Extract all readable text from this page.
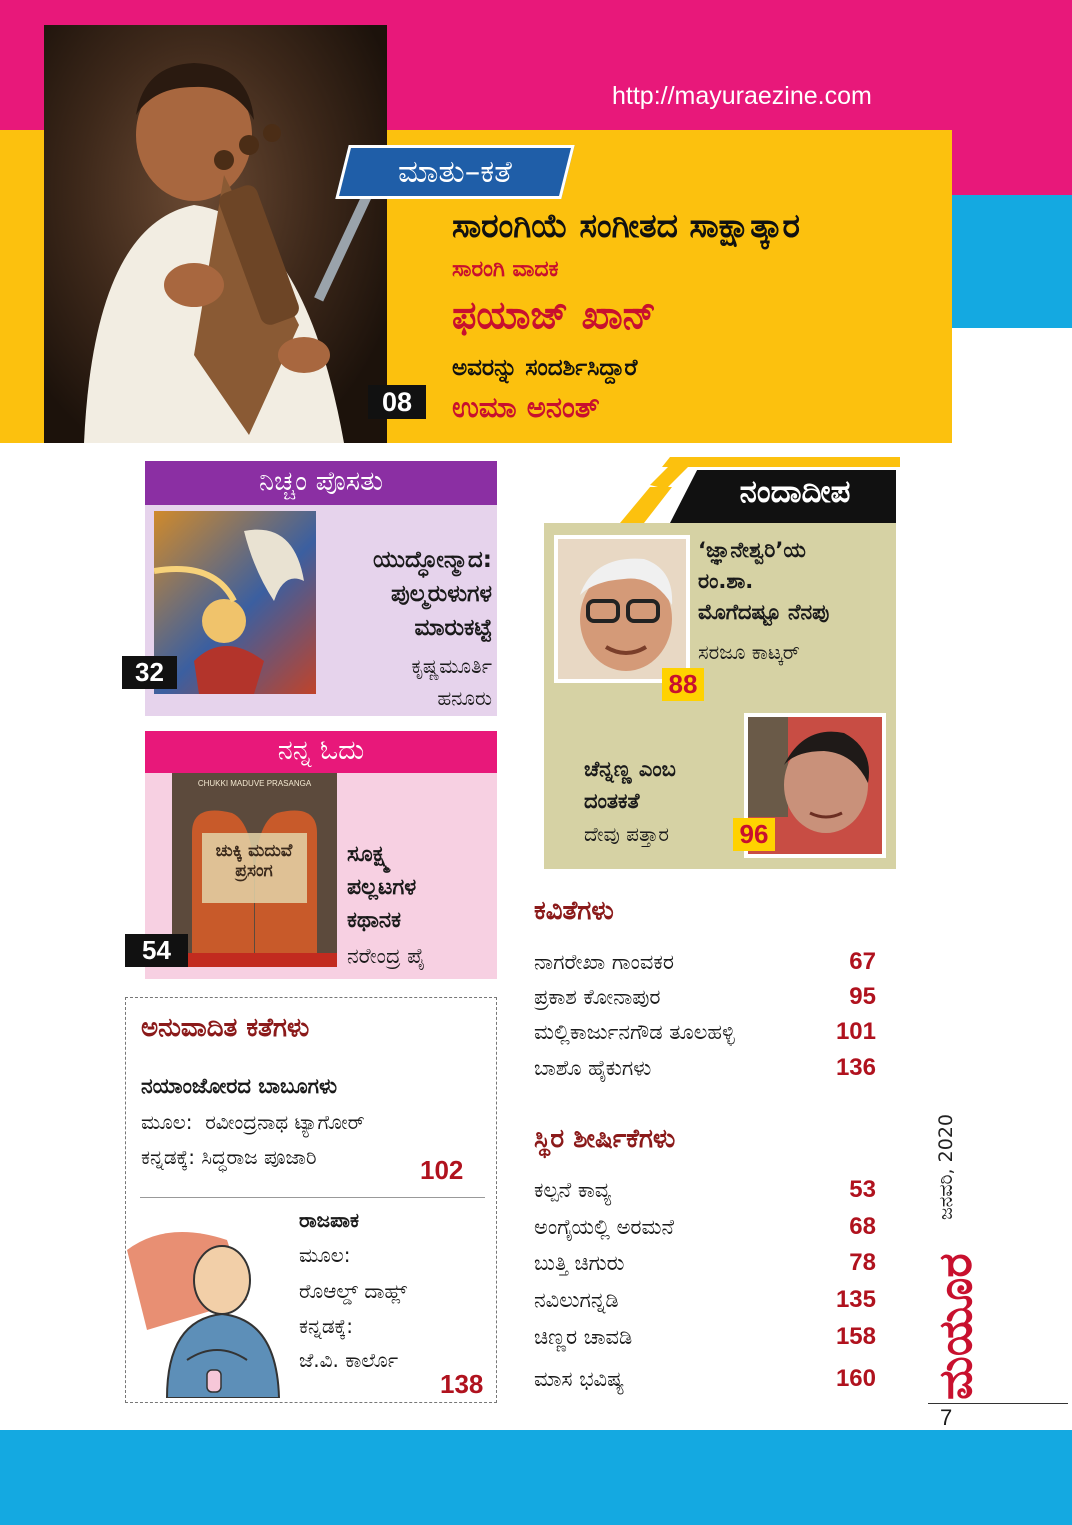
http://mayuraezine.com
ಮಾತು–ಕತೆ
ಸಾರಂಗಿಯೆ ಸಂಗೀತದ ಸಾಕ್ಷಾತ್ಕಾರ
ಸಾರಂಗಿ ವಾದಕ
ಫಯಾಜ್ ಖಾನ್
ಅವರನ್ನು ಸಂದರ್ಶಿಸಿದ್ದಾರೆ
ಉಮಾ ಅನಂತ್
08
ನಿಚ್ಚಂ ಪೊಸತು
ಯುದ್ಧೋನ್ಮಾದ:
ಪುಲ್ಮರುಳುಗಳ
ಮಾರುಕಟ್ಟೆ
ಕೃಷ್ಣಮೂರ್ತಿ
ಹನೂರು
32
ನನ್ನ ಓದು
CHUKKI MADUVE PRASANGA
ಚುಕ್ಕಿ ಮದುವೆ ಪ್ರಸಂಗ
ಸೂಕ್ಷ್ಮ
ಪಲ್ಲಟಗಳ
ಕಥಾನಕ
ನರೇಂದ್ರ ಪೈ
54
ನಂದಾದೀಪ
88
‘ಜ್ಞಾನೇಶ್ವರಿ’ಯ
ರಂ.ಶಾ.
ಮೊಗೆದಷ್ಟೂ ನೆನಪು
ಸರಜೂ ಕಾಟ್ಕರ್
96
ಚೆನ್ನಣ್ಣ ಎಂಬ
ದಂತಕತೆ
ದೇವು ಪತ್ತಾರ
ಕವಿತೆಗಳು
ನಾಗರೇಖಾ ಗಾಂವಕರ	67
ಪ್ರಕಾಶ ಕೋನಾಪುರ	95
ಮಲ್ಲಿಕಾರ್ಜುನಗೌಡ ತೂಲಹಳ್ಳಿ	101
ಬಾಶೊ ಹೈಕುಗಳು	136
ಸ್ಥಿರ ಶೀರ್ಷಿಕೆಗಳು
ಕಲ್ಪನೆ ಕಾವ್ಯ	53
ಅಂಗೈಯಲ್ಲಿ ಅರಮನೆ	68
ಬುತ್ತಿ ಚಿಗುರು	78
ನವಿಲುಗನ್ನಡಿ	135
ಚಿಣ್ಣರ ಚಾವಡಿ	158
ಮಾಸ ಭವಿಷ್ಯ	160
ಅನುವಾದಿತ ಕತೆಗಳು
ನಯಾಂಜೋರದ ಬಾಬೂಗಳು
ಮೂಲ:  ರವೀಂದ್ರನಾಥ ಟ್ಯಾಗೋರ್
ಕನ್ನಡಕ್ಕೆ: ಸಿದ್ಧರಾಜ ಪೂಜಾರಿ	102
ರಾಜಪಾಕ
ಮೂಲ:
ರೊಆಲ್ಡ್ ದಾಹ್ಲ್
ಕನ್ನಡಕ್ಕೆ:
ಜೆ.ವಿ. ಕಾರ್ಲೊ
138
ಜನವರಿ, 2020
ಮಯೂರ
7
